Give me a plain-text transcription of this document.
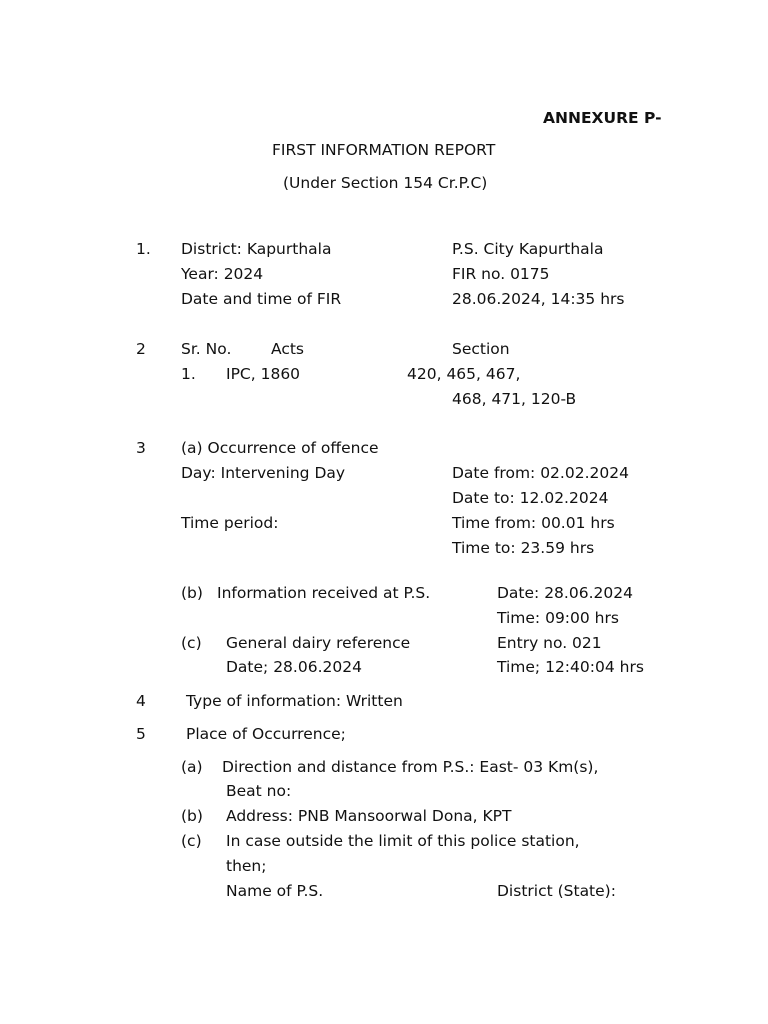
ANNEXURE P-
FIRST INFORMATION REPORT
(Under Section 154 Cr.P.C)
1. District: Kapurthala	P.S. City Kapurthala
Year: 2024	FIR no. 0175
Date and time of FIR	28.06.2024, 14:35 hrs
2 Sr. No.	Acts	Section
1. IPC, 1860	420, 465, 467,
468, 471, 120-B
3 (a) Occurrence of offence
Day: Intervening Day	Date from: 02.02.2024
Date to: 12.02.2024
Time period:	Time from: 00.01 hrs
Time to: 23.59 hrs
(b) Information received at P.S.	Date: 28.06.2024
Time: 09:00 hrs
(c) General dairy reference	Entry no. 021
Date; 28.06.2024	Time; 12:40:04 hrs
4	Type of information: Written
5	Place of Occurrence;
(a) Direction and distance from P.S.: East- 03 Km(s),
Beat no:
(b) Address: PNB Mansoorwal Dona, KPT
(c) In case outside the limit of this police station,
then;
Name of P.S.	District (State):
